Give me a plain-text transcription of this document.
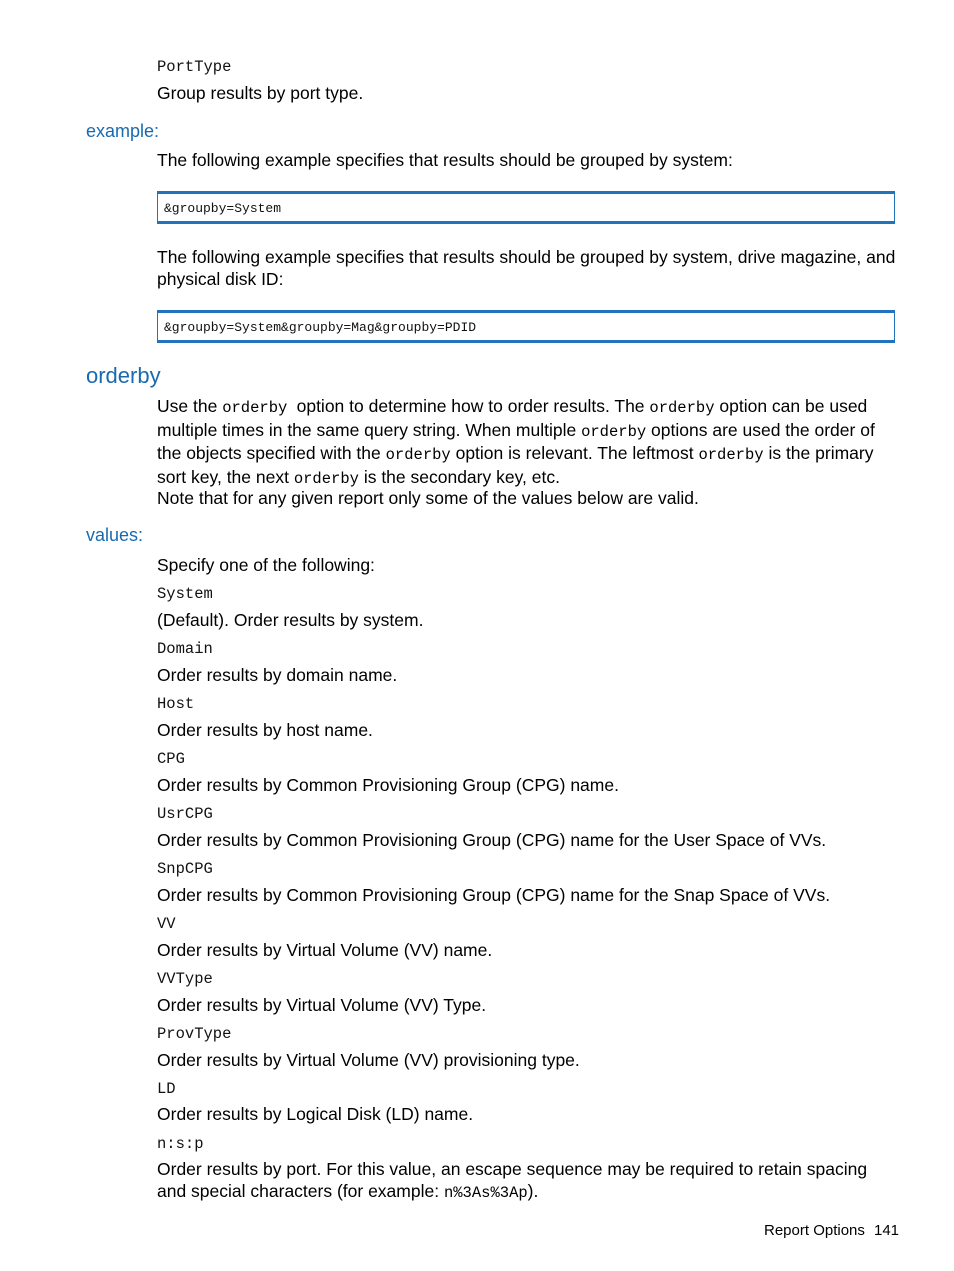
PortType
Group results by port type.
example:
The following example specifies that results should be grouped by system:
&groupby=System
The following example specifies that results should be grouped by system, drive magazine, and physical disk ID:
&groupby=System&groupby=Mag&groupby=PDID
orderby
Use the orderby option to determine how to order results. The orderby option can be used multiple times in the same query string. When multiple orderby options are used the order of the objects specified with the orderby option is relevant. The leftmost orderby is the primary sort key, the next orderby is the secondary key, etc.
Note that for any given report only some of the values below are valid.
values:
Specify one of the following:
System
(Default). Order results by system.
Domain
Order results by domain name.
Host
Order results by host name.
CPG
Order results by Common Provisioning Group (CPG) name.
UsrCPG
Order results by Common Provisioning Group (CPG) name for the User Space of VVs.
SnpCPG
Order results by Common Provisioning Group (CPG) name for the Snap Space of VVs.
VV
Order results by Virtual Volume (VV) name.
VVType
Order results by Virtual Volume (VV) Type.
ProvType
Order results by Virtual Volume (VV) provisioning type.
LD
Order results by Logical Disk (LD) name.
n:s:p
Order results by port. For this value, an escape sequence may be required to retain spacing and special characters (for example: n%3As%3Ap).
Report Options 141
